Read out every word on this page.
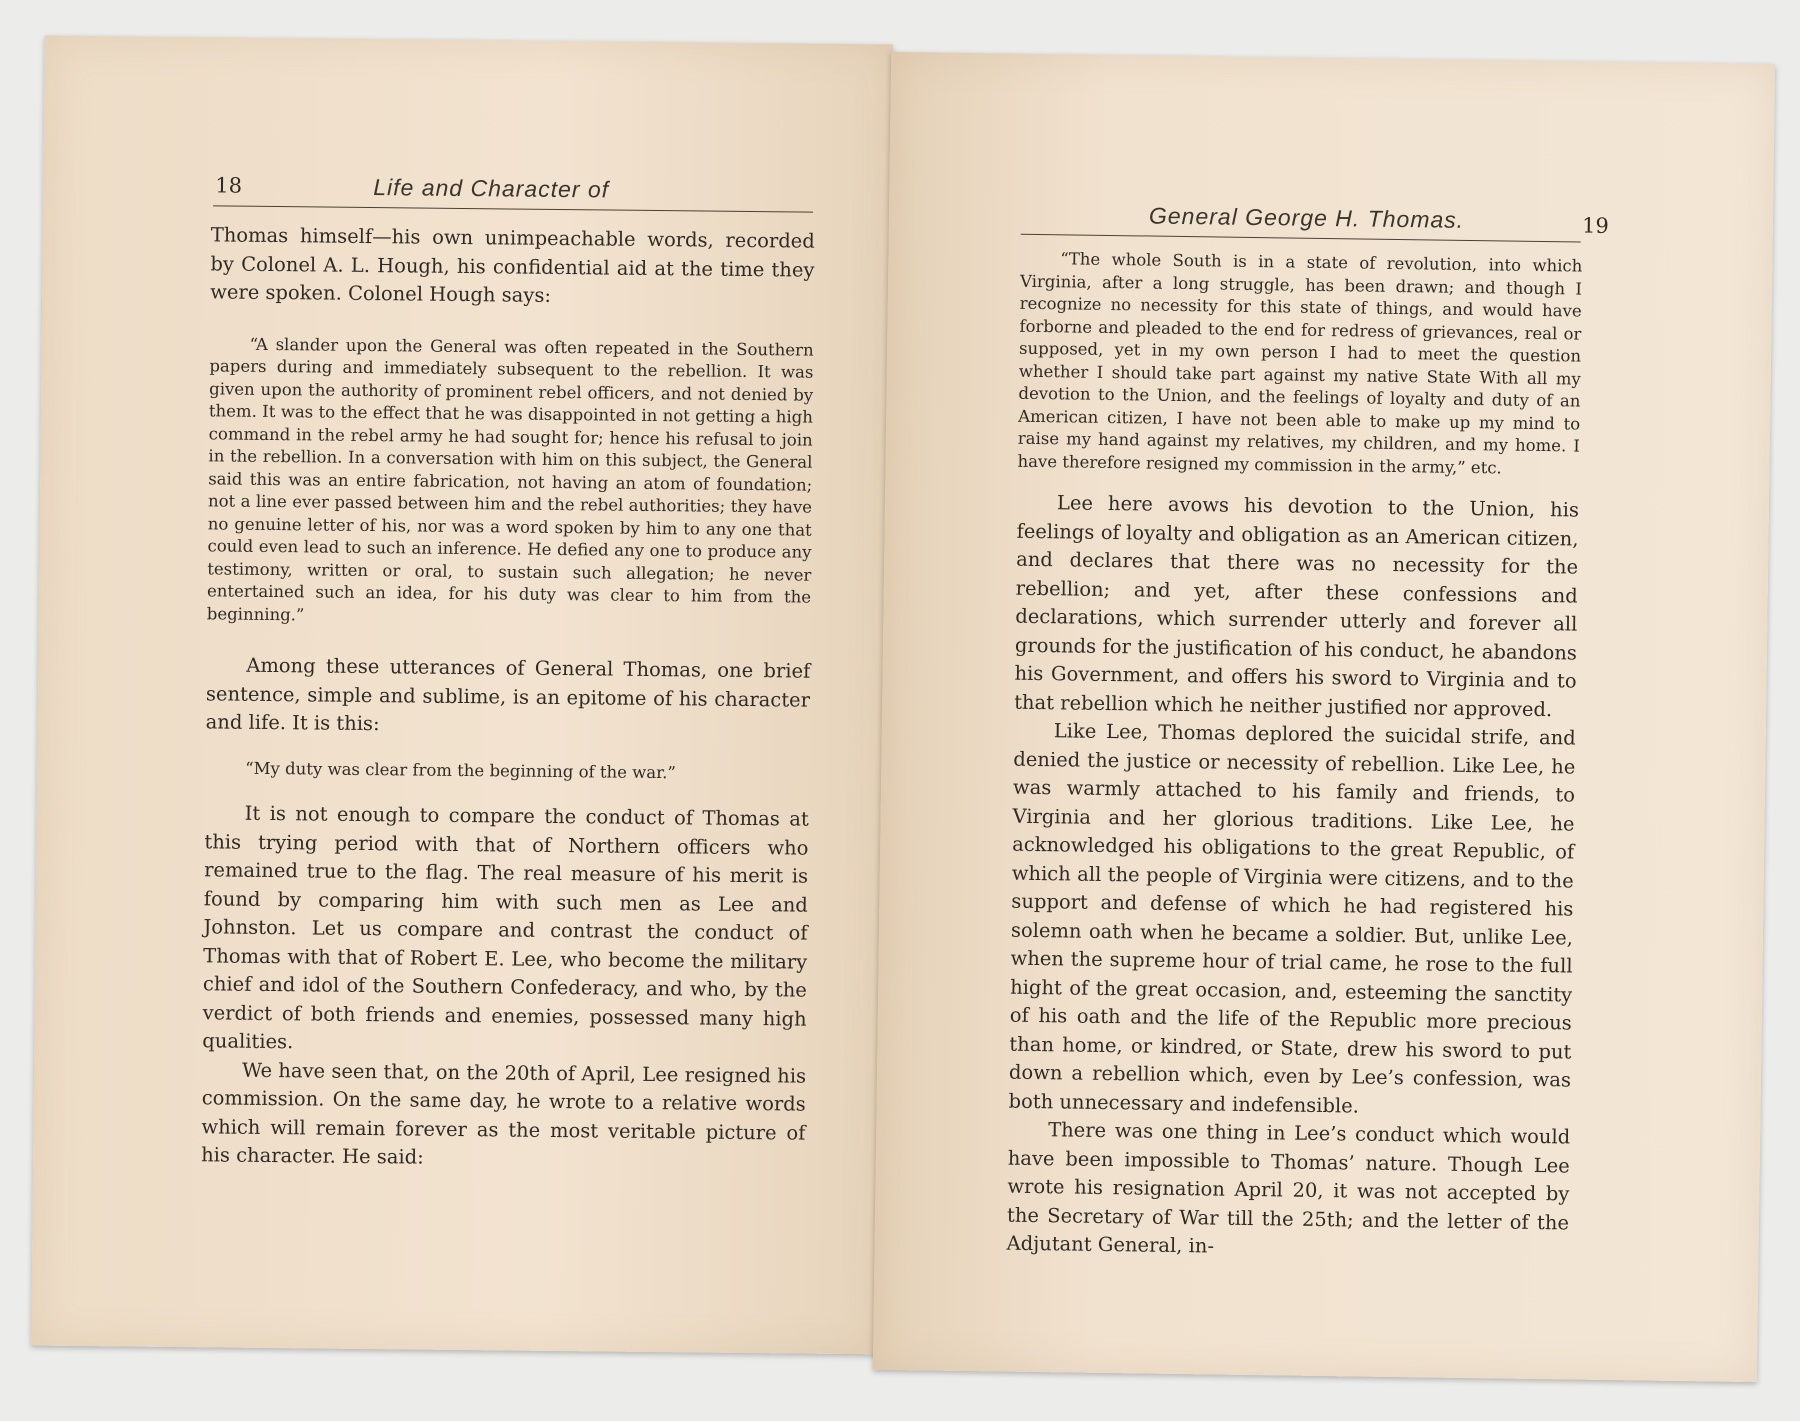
18	Life and Character of

Thomas himself—his own unimpeachable words, recorded by Colonel A. L. Hough, his confidential aid at the time they were spoken. Colonel Hough says:

“A slander upon the General was often repeated in the Southern papers during and immediately subsequent to the rebellion. It was given upon the authority of prominent rebel officers, and not denied by them. It was to the effect that he was disappointed in not getting a high command in the rebel army he had sought for; hence his refusal to join in the rebellion. In a conversation with him on this subject, the General said this was an entire fabrication, not having an atom of foundation; not a line ever passed between him and the rebel authorities; they have no genuine letter of his, nor was a word spoken by him to any one that could even lead to such an inference. He defied any one to produce any testimony, written or oral, to sustain such allegation; he never entertained such an idea, for his duty was clear to him from the beginning.”

Among these utterances of General Thomas, one brief sentence, simple and sublime, is an epitome of his character and life. It is this:

“My duty was clear from the beginning of the war.”

It is not enough to compare the conduct of Thomas at this trying period with that of Northern officers who remained true to the flag. The real measure of his merit is found by comparing him with such men as Lee and Johnston. Let us compare and contrast the conduct of Thomas with that of Robert E. Lee, who become the military chief and idol of the Southern Confederacy, and who, by the verdict of both friends and enemies, possessed many high qualities.

We have seen that, on the 20th of April, Lee resigned his commission. On the same day, he wrote to a relative words which will remain forever as the most veritable picture of his character. He said:

General George H. Thomas.	19

“The whole South is in a state of revolution, into which Virginia, after a long struggle, has been drawn; and though I recognize no necessity for this state of things, and would have forborne and pleaded to the end for redress of grievances, real or supposed, yet in my own person I had to meet the question whether I should take part against my native State With all my devotion to the Union, and the feelings of loyalty and duty of an American citizen, I have not been able to make up my mind to raise my hand against my relatives, my children, and my home. I have therefore resigned my commission in the army,” etc.

Lee here avows his devotion to the Union, his feelings of loyalty and obligation as an American citizen, and declares that there was no necessity for the rebellion; and yet, after these confessions and declarations, which surrender utterly and forever all grounds for the justification of his conduct, he abandons his Government, and offers his sword to Virginia and to that rebellion which he neither justified nor approved.

Like Lee, Thomas deplored the suicidal strife, and denied the justice or necessity of rebellion. Like Lee, he was warmly attached to his family and friends, to Virginia and her glorious traditions. Like Lee, he acknowledged his obligations to the great Republic, of which all the people of Virginia were citizens, and to the support and defense of which he had registered his solemn oath when he became a soldier. But, unlike Lee, when the supreme hour of trial came, he rose to the full hight of the great occasion, and, esteeming the sanctity of his oath and the life of the Republic more precious than home, or kindred, or State, drew his sword to put down a rebellion which, even by Lee’s confession, was both unnecessary and indefensible.

There was one thing in Lee’s conduct which would have been impossible to Thomas’ nature. Though Lee wrote his resignation April 20, it was not accepted by the Secretary of War till the 25th; and the letter of the Adjutant General, in-
